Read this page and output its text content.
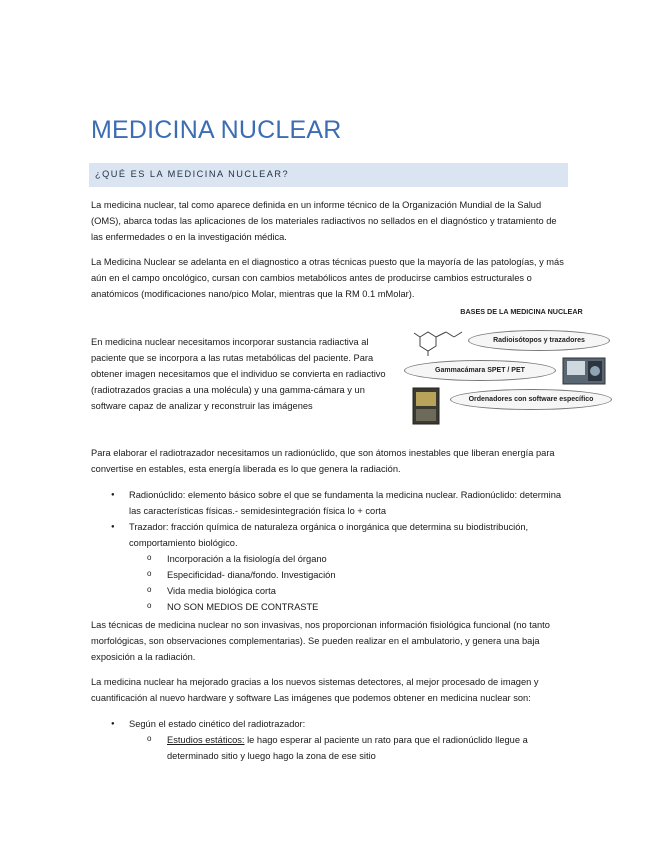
MEDICINA NUCLEAR
¿QUÉ ES LA MEDICINA NUCLEAR?

La medicina nuclear, tal como aparece definida en un informe técnico de la Organización Mundial de la Salud (OMS), abarca todas las aplicaciones de los materiales radiactivos no sellados en el diagnóstico y tratamiento de las enfermedades o en la investigación médica.

La Medicina Nuclear se adelanta en el diagnostico a otras técnicas puesto que la mayoría de las patologías, y más aún en el campo oncológico, cursan con cambios metabólicos antes de producirse cambios estructurales o anatómicos (modificaciones nano/pico Molar, mientras que la RM 0.1 mMolar).

En medicina nuclear necesitamos incorporar sustancia radiactiva al paciente que se incorpora a las rutas metabólicas del paciente. Para obtener imagen necesitamos que el individuo se convierta en radiactivo (radiotrazados gracias a una molécula) y una gamma-cámara y un software capaz de analizar y reconstruir las imágenes

BASES DE LA MEDICINA NUCLEAR
Radioisótopos y trazadores
Gammacámara SPET / PET
Ordenadores con software específico

Para elaborar el radiotrazador necesitamos un radionúclido, que son átomos inestables que liberan energía para convertise en estables, esta energía liberada es lo que genera la radiación.

● Radionúclido: elemento básico sobre el que se fundamenta la medicina nuclear. Radionúclido: determina las características físicas.- semidesintegración física lo + corta
● Trazador: fracción química de naturaleza orgánica o inorgánica que determina su biodistribución, comportamiento biológico.
o Incorporación a la fisiología del órgano
o Especificidad- diana/fondo. Investigación
o Vida media biológica corta
o NO SON MEDIOS DE CONTRASTE

Las técnicas de medicina nuclear no son invasivas, nos proporcionan información fisiológica funcional (no tanto morfológicas, son observaciones complementarias). Se pueden realizar en el ambulatorio, y genera una baja exposición a la radiación.

La medicina nuclear ha mejorado gracias a los nuevos sistemas detectores, al mejor procesado de imagen y cuantificación al nuevo hardware y software Las imágenes que podemos obtener en medicina nuclear son:

● Según el estado cinético del radiotrazador:
o Estudios estáticos: le hago esperar al paciente un rato para que el radionúclido llegue a determinado sitio y luego hago la zona de ese sitio
